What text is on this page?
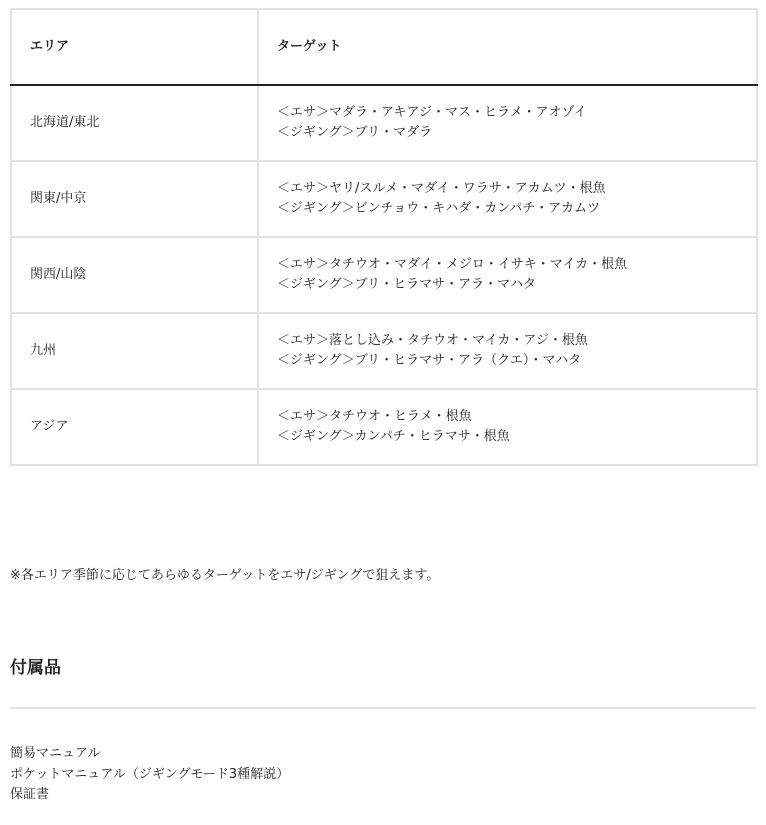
エリア	ターゲット
北海道/東北	＜エサ＞マダラ・アキアジ・マス・ヒラメ・アオゾイ
＜ジギング＞ブリ・マダラ

関東/中京	＜エサ＞ヤリ/スルメ・マダイ・ワラサ・アカムツ・根魚
＜ジギング＞ビンチョウ・キハダ・カンパチ・アカムツ

関西/山陰	＜エサ＞タチウオ・マダイ・メジロ・イサキ・マイカ・根魚
＜ジギング＞ブリ・ヒラマサ・アラ・マハタ

九州	＜エサ＞落とし込み・タチウオ・マイカ・アジ・根魚
＜ジギング＞ブリ・ヒラマサ・アラ（クエ）・マハタ

アジア	＜エサ＞タチウオ・ヒラメ・根魚
＜ジギング＞カンパチ・ヒラマサ・根魚

※各エリア季節に応じてあらゆるターゲットをエサ/ジギングで狙えます。

付属品
簡易マニュアル
ポケットマニュアル（ジギングモード3種解説）
保証書
